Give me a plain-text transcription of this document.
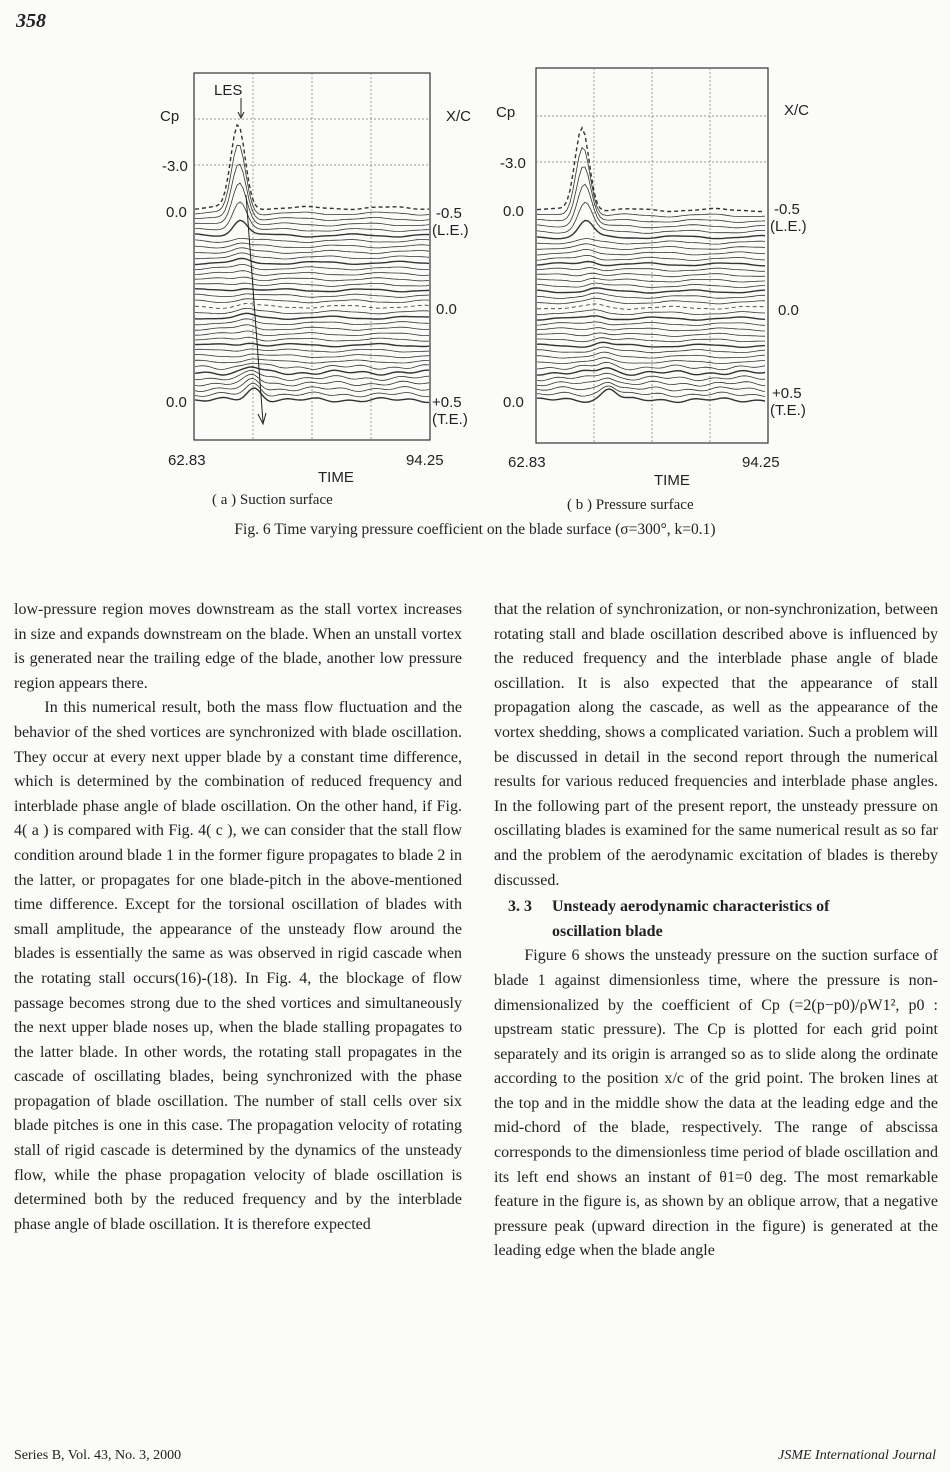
358
Cp	X/C
LES
-3.0
0.0
0.0
-0.5
(L.E.)
0.0
+0.5
(T.E.)
62.83	94.25
TIME
Cp	X/C
-3.0
0.0
0.0
-0.5
(L.E.)
0.0
+0.5
(T.E.)
62.83	94.25
TIME
( a ) Suction surface	( b ) Pressure surface
Fig. 6 Time varying pressure coefficient on the blade surface (σ=300°, k=0.1)

low-pressure region moves downstream as the stall vortex increases in size and expands downstream on the blade. When an unstall vortex is generated near the trailing edge of the blade, another low pressure region appears there.

In this numerical result, both the mass flow fluctuation and the behavior of the shed vortices are synchronized with blade oscillation. They occur at every next upper blade by a constant time difference, which is determined by the combination of reduced frequency and interblade phase angle of blade oscillation. On the other hand, if Fig. 4( a ) is compared with Fig. 4( c ), we can consider that the stall flow condition around blade 1 in the former figure propagates to blade 2 in the latter, or propagates for one blade-pitch in the above-mentioned time difference. Except for the torsional oscillation of blades with small amplitude, the appearance of the unsteady flow around the blades is essentially the same as was observed in rigid cascade when the rotating stall occurs(16)-(18). In Fig. 4, the blockage of flow passage becomes strong due to the shed vortices and simultaneously the next upper blade noses up, when the blade stalling propagates to the latter blade. In other words, the rotating stall propagates in the cascade of oscillating blades, being synchronized with the phase propagation of blade oscillation. The number of stall cells over six blade pitches is one in this case. The propagation velocity of rotating stall of rigid cascade is determined by the dynamics of the unsteady flow, while the phase propagation velocity of blade oscillation is determined both by the reduced frequency and by the interblade phase angle of blade oscillation. It is therefore expected

that the relation of synchronization, or non-synchronization, between rotating stall and blade oscillation described above is influenced by the reduced frequency and the interblade phase angle of blade oscillation. It is also expected that the appearance of stall propagation along the cascade, as well as the appearance of the vortex shedding, shows a complicated variation. Such a problem will be discussed in detail in the second report through the numerical results for various reduced frequencies and interblade phase angles. In the following part of the present report, the unsteady pressure on oscillating blades is examined for the same numerical result as so far and the problem of the aerodynamic excitation of blades is thereby discussed.

3. 3 Unsteady aerodynamic characteristics of
oscillation blade

Figure 6 shows the unsteady pressure on the suction surface of blade 1 against dimensionless time, where the pressure is non-dimensionalized by the coefficient of Cp (=2(p−p0)/ρW1², p0 : upstream static pressure). The Cp is plotted for each grid point separately and its origin is arranged so as to slide along the ordinate according to the position x/c of the grid point. The broken lines at the top and in the middle show the data at the leading edge and the mid-chord of the blade, respectively. The range of abscissa corresponds to the dimensionless time period of blade oscillation and its left end shows an instant of θ1=0 deg. The most remarkable feature in the figure is, as shown by an oblique arrow, that a negative pressure peak (upward direction in the figure) is generated at the leading edge when the blade angle

Series B, Vol. 43, No. 3, 2000	JSME International Journal
